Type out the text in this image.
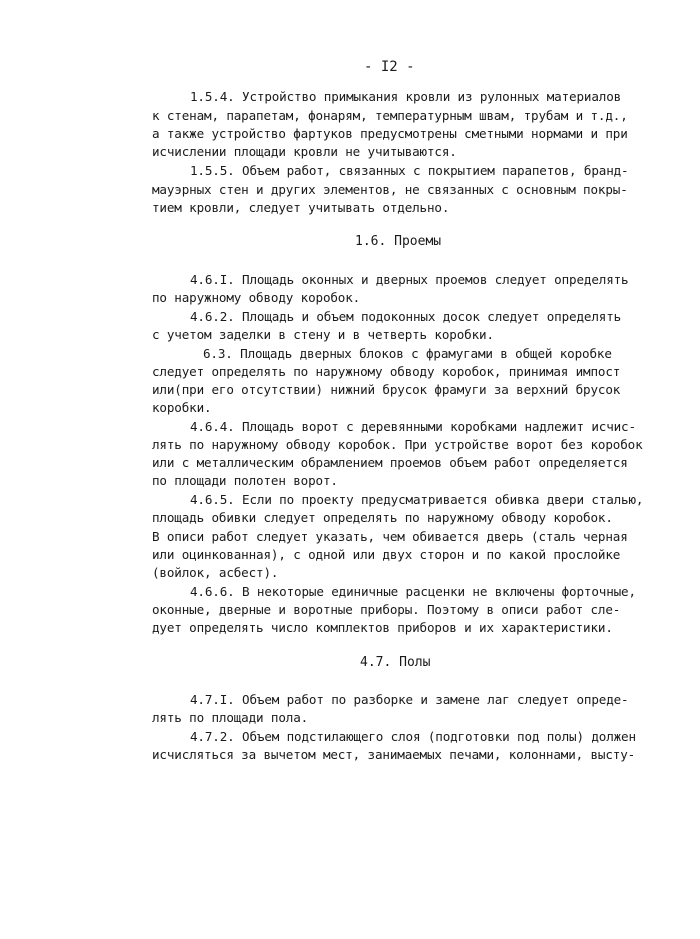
- I2 -
1.5.4. Устройство примыкания кровли из рулонных материалов
к стенам, парапетам, фонарям, температурным швам, трубам и т.д.,
а также устройство фартуков предусмотрены сметными нормами и при
исчислении площади кровли не учитываются.
1.5.5. Объем работ, связанных с покрытием парапетов, бранд-
мауэрных стен и других элементов, не связанных с основным покры-
тием кровли, следует учитывать отдельно.
1.6. Проемы
4.6.I. Площадь оконных и дверных проемов следует определять
по наружному обводу коробок.
4.6.2. Площадь и объем подоконных досок следует определять
с учетом заделки в стену и в четверть коробки.
6.3. Площадь дверных блоков с фрамугами в общей коробке
следует определять по наружному обводу коробок, принимая импост
или(при его отсутствии) нижний брусок фрамуги за верхний брусок
коробки.
4.6.4. Площадь ворот с деревянными коробками надлежит исчис-
лять по наружному обводу коробок. При устройстве ворот без коробок
или с металлическим обрамлением проемов объем работ определяется
по площади полотен ворот.
4.6.5. Если по проекту предусматривается обивка двери сталью,
площадь обивки следует определять по наружному обводу коробок.
В описи работ следует указать, чем обивается дверь (сталь черная
или оцинкованная), с одной или двух сторон и по какой прослойке
(войлок, асбест).
4.6.6. В некоторые единичные расценки не включены форточные,
оконные, дверные и воротные приборы. Поэтому в описи работ сле-
дует определять число комплектов приборов и их характеристики.
4.7. Полы
4.7.I. Объем работ по разборке и замене лаг следует опреде-
лять по площади пола.
4.7.2. Объем подстилающего слоя (подготовки под полы) должен
исчисляться за вычетом мест, занимаемых печами, колоннами, высту-
